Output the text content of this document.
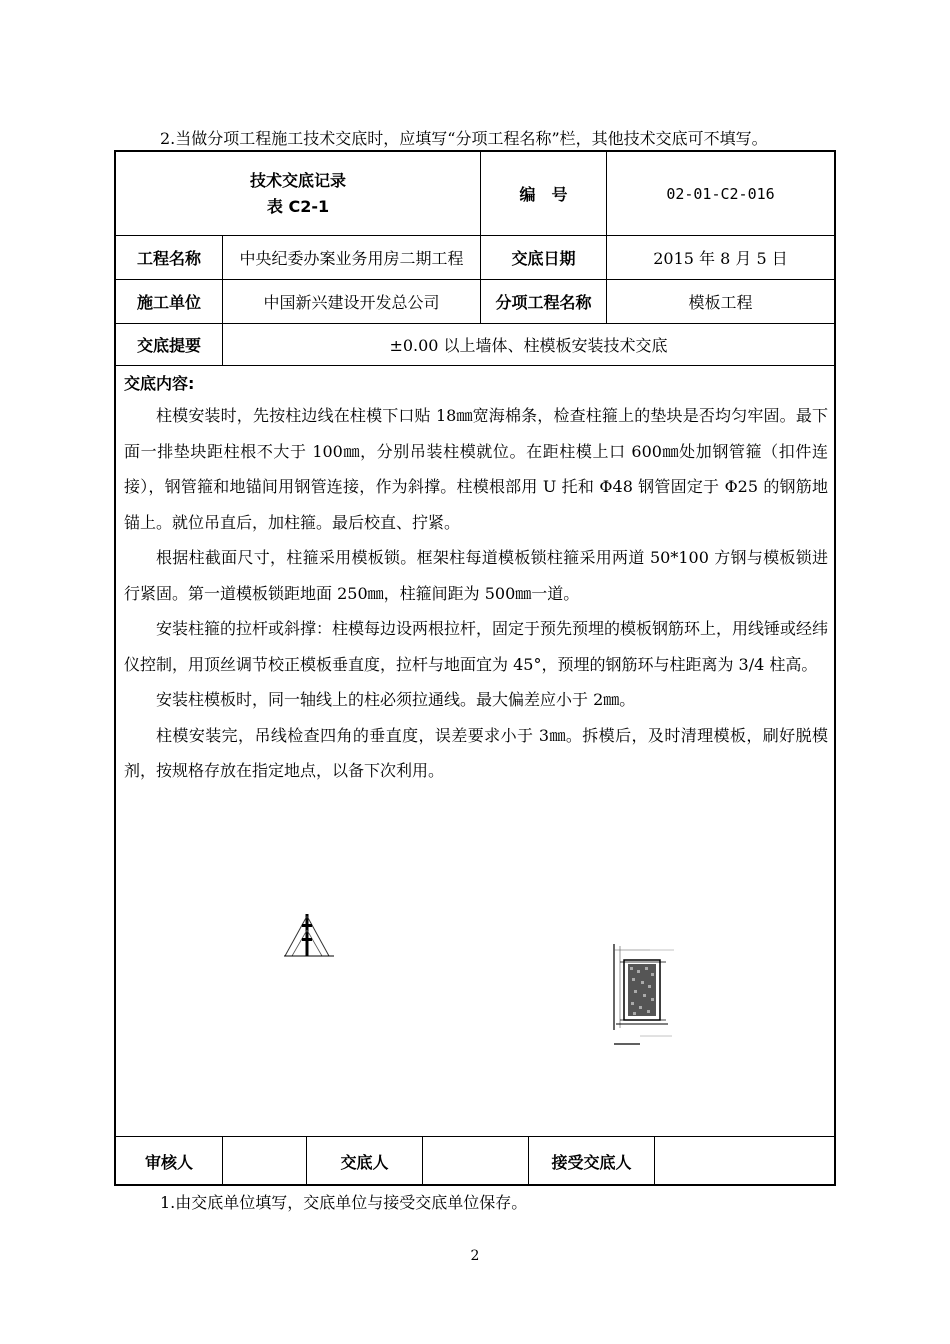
2.当做分项工程施工技术交底时，应填写“分项工程名称”栏，其他技术交底可不填写。
技术交底记录
表 C2-1
编　号	02-01-C2-016
工程名称	中央纪委办案业务用房二期工程	交底日期	2015 年 8 月 5 日
施工单位	中国新兴建设开发总公司	分项工程名称	模板工程
交底提要	±0.00 以上墙体、柱模板安装技术交底
交底内容:

柱模安装时，先按柱边线在柱模下口贴 18㎜宽海棉条，检查柱箍上的垫块是否均匀牢固。最下面一排垫块距柱根不大于 100㎜，分别吊装柱模就位。在距柱模上口 600㎜处加钢管箍（扣件连接），钢管箍和地锚间用钢管连接，作为斜撑。柱模根部用 U 托和 Φ48 钢管固定于 Φ25 的钢筋地锚上。就位吊直后，加柱箍。最后校直、拧紧。

根据柱截面尺寸，柱箍采用模板锁。框架柱每道模板锁柱箍采用两道 50*100 方钢与模板锁进行紧固。第一道模板锁距地面 250㎜，柱箍间距为 500㎜一道。

安装柱箍的拉杆或斜撑：柱模每边设两根拉杆，固定于预先预埋的模板钢筋环上，用线锤或经纬仪控制，用顶丝调节校正模板垂直度，拉杆与地面宜为 45°，预埋的钢筋环与柱距离为 3/4 柱高。

安装柱模板时，同一轴线上的柱必须拉通线。最大偏差应小于 2㎜。

柱模安装完，吊线检查四角的垂直度，误差要求小于 3㎜。拆模后，及时清理模板，刷好脱模剂，按规格存放在指定地点，以备下次利用。

审核人	交底人	接受交底人
1.由交底单位填写，交底单位与接受交底单位保存。
2
